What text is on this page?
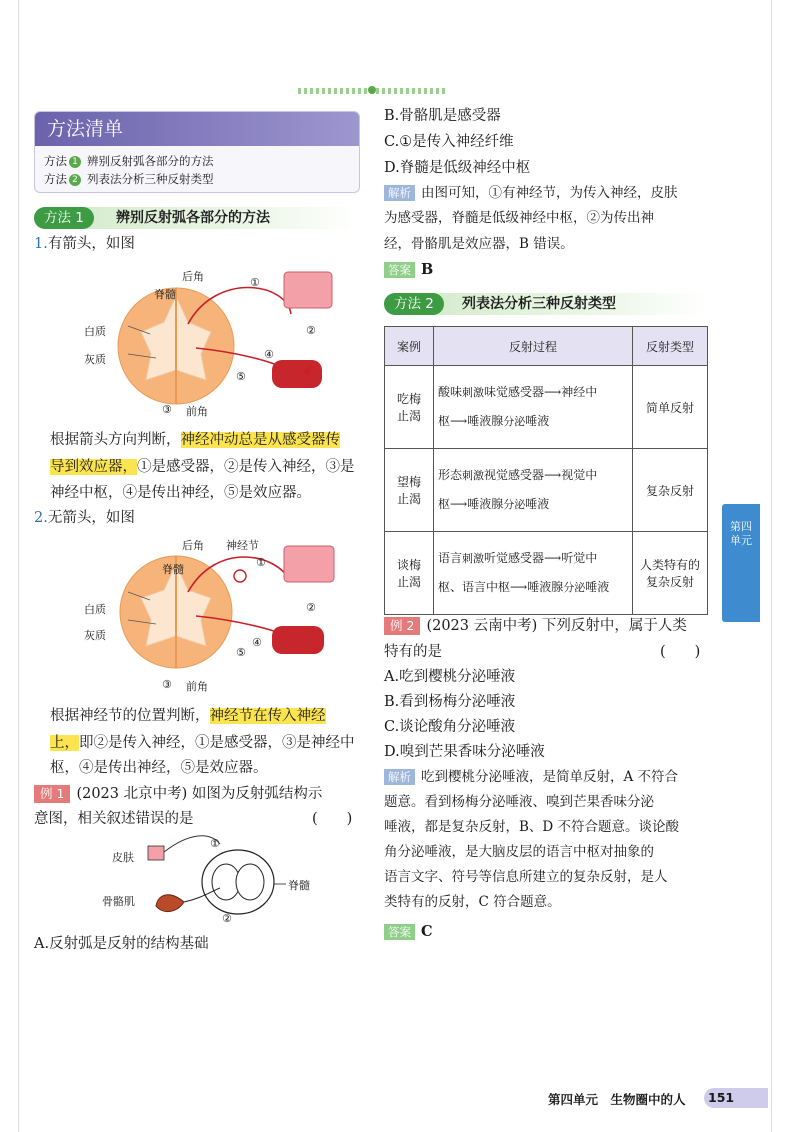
方法清单
方法 1 辨别反射弧各部分的方法
方法 2 列表法分析三种反射类型
方法 1	辨别反射弧各部分的方法
1.有箭头，如图
后角
脊髓
白质
灰质
前角
①
②
③
④
⑤
根据箭头方向判断，神经冲动总是从感受器传
导到效应器，①是感受器，②是传入神经，③是
神经中枢，④是传出神经，⑤是效应器。
2.无箭头，如图
后角 神经节
脊髓
白质
灰质
前角
①
②
③
④
⑤
根据神经节的位置判断，神经节在传入神经
上，即②是传入神经，①是感受器，③是神经中
枢，④是传出神经，⑤是效应器。
例 1 (2023 北京中考) 如图为反射弧结构示
意图，相关叙述错误的是	(　　)
皮肤
骨骼肌
脊髓
①
②
A.反射弧是反射的结构基础
B.骨骼肌是感受器
C.①是传入神经纤维
D.脊髓是低级神经中枢
解析 由图可知，①有神经节，为传入神经，皮肤
为感受器，脊髓是低级神经中枢，②为传出神
经，骨骼肌是效应器，B 错误。
答案 B
方法 2	列表法分析三种反射类型
案例	反射过程	反射类型
吃梅
止渴	酸味刺激味觉感受器⟶神经中
枢⟶唾液腺分泌唾液	简单反射

望梅
止渴	形态刺激视觉感受器⟶视觉中
枢⟶唾液腺分泌唾液	复杂反射

谈梅
止渴	语言刺激听觉感受器⟶听觉中
枢、语言中枢⟶唾液腺分泌唾液	人类特有的
复杂反射
例 2 (2023 云南中考) 下列反射中，属于人类
特有的是	(　　)
A.吃到樱桃分泌唾液
B.看到杨梅分泌唾液
C.谈论酸角分泌唾液
D.嗅到芒果香味分泌唾液
解析 吃到樱桃分泌唾液，是简单反射，A 不符合
题意。看到杨梅分泌唾液、嗅到芒果香味分泌
唾液，都是复杂反射，B、D 不符合题意。谈论酸
角分泌唾液，是大脑皮层的语言中枢对抽象的
语言文字、符号等信息所建立的复杂反射，是人
类特有的反射，C 符合题意。
答案 C
第四
单元
第四单元　生物圈中的人	151
